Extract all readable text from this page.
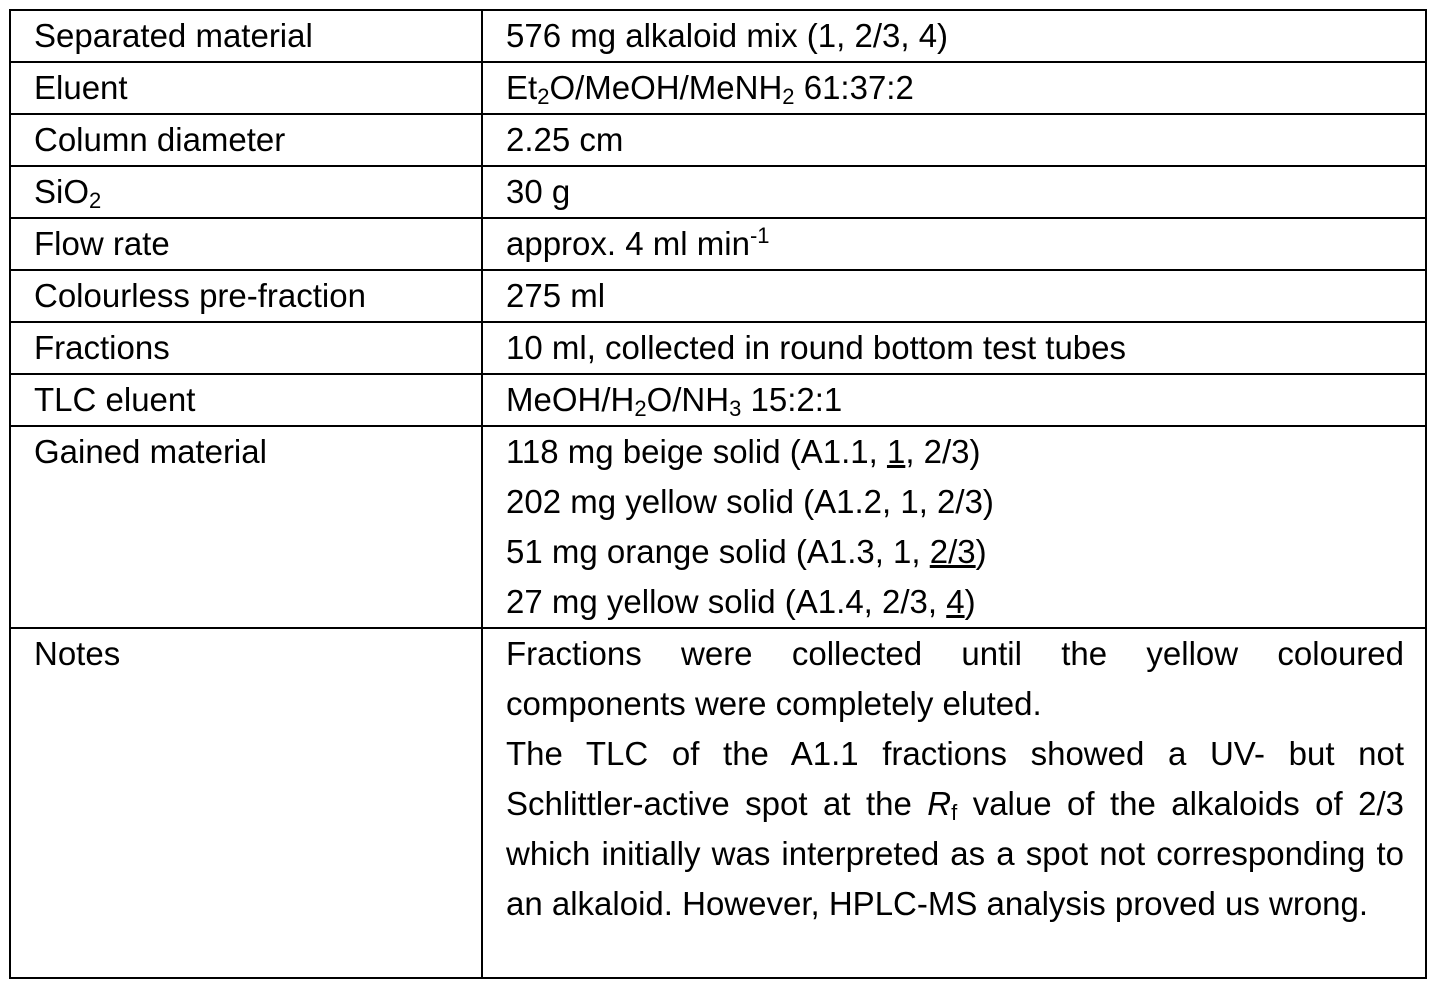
Separated material	576 mg alkaloid mix (1, 2/3, 4)
Eluent	$Et_2O/MeOH/MeNH_2$ 61:37:2
Column diameter	2.25 cm
SiO$_2$	30 g
Flow rate	approx. 4 ml $\min^{-1}$
Colourless pre-fraction	275 ml
Fractions	10 ml, collected in round bottom test tubes
TLC eluent	MeOH/$H_2O/NH_3$ 15:2:1
Gained material	118 mg beige solid (A1.1, 1, 2/3)
202 mg yellow solid (A1.2, 1, 2/3)
51 mg orange solid (A1.3, 1, 2/3)
27 mg yellow solid (A1.4, 2/3, 4)

Notes	Fractions were collected until the yellow coloured components were completely eluted.
The TLC of the A1.1 fractions showed a UV- but not Schlittler-active spot at the $R_f$ value of the alkaloids of 2/3 which initially was interpreted as a spot not corresponding to an alkaloid. However, HPLC-MS analysis proved us wrong.
